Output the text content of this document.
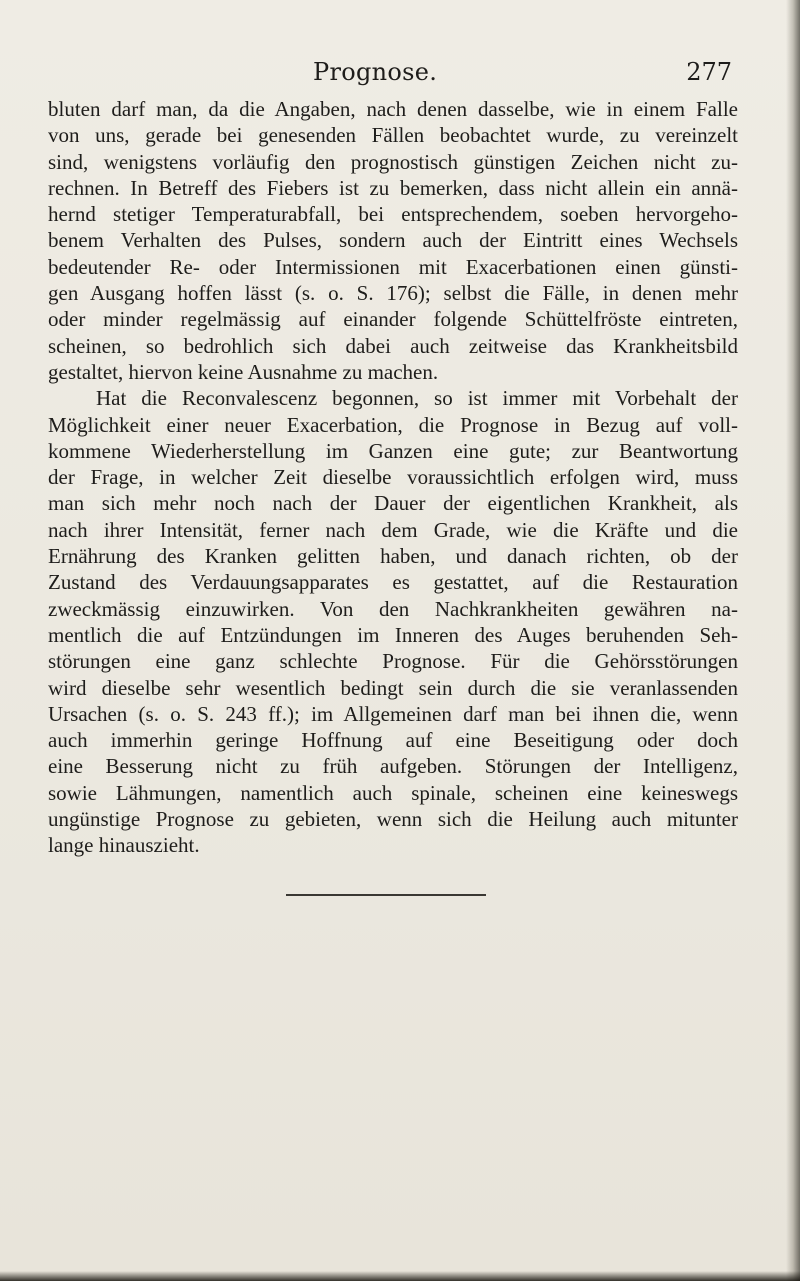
Prognose.	277
bluten darf man, da die Angaben, nach denen dasselbe, wie in einem Falle
von uns, gerade bei genesenden Fällen beobachtet wurde, zu vereinzelt
sind, wenigstens vorläufig den prognostisch günstigen Zeichen nicht zu-
rechnen. In Betreff des Fiebers ist zu bemerken, dass nicht allein ein annä-
hernd stetiger Temperaturabfall, bei entsprechendem, soeben hervorgeho-
benem Verhalten des Pulses, sondern auch der Eintritt eines Wechsels
bedeutender Re- oder Intermissionen mit Exacerbationen einen günsti-
gen Ausgang hoffen lässt (s. o. S. 176); selbst die Fälle, in denen mehr
oder minder regelmässig auf einander folgende Schüttelfröste eintreten,
scheinen, so bedrohlich sich dabei auch zeitweise das Krankheitsbild
gestaltet, hiervon keine Ausnahme zu machen.
Hat die Reconvalescenz begonnen, so ist immer mit Vorbehalt der
Möglichkeit einer neuer Exacerbation, die Prognose in Bezug auf voll-
kommene Wiederherstellung im Ganzen eine gute; zur Beantwortung
der Frage, in welcher Zeit dieselbe voraussichtlich erfolgen wird, muss
man sich mehr noch nach der Dauer der eigentlichen Krankheit, als
nach ihrer Intensität, ferner nach dem Grade, wie die Kräfte und die
Ernährung des Kranken gelitten haben, und danach richten, ob der
Zustand des Verdauungsapparates es gestattet, auf die Restauration
zweckmässig einzuwirken. Von den Nachkrankheiten gewähren na-
mentlich die auf Entzündungen im Inneren des Auges beruhenden Seh-
störungen eine ganz schlechte Prognose. Für die Gehörsstörungen
wird dieselbe sehr wesentlich bedingt sein durch die sie veranlassenden
Ursachen (s. o. S. 243 ff.); im Allgemeinen darf man bei ihnen die, wenn
auch immerhin geringe Hoffnung auf eine Beseitigung oder doch
eine Besserung nicht zu früh aufgeben. Störungen der Intelligenz,
sowie Lähmungen, namentlich auch spinale, scheinen eine keineswegs
ungünstige Prognose zu gebieten, wenn sich die Heilung auch mitunter
lange hinauszieht.
